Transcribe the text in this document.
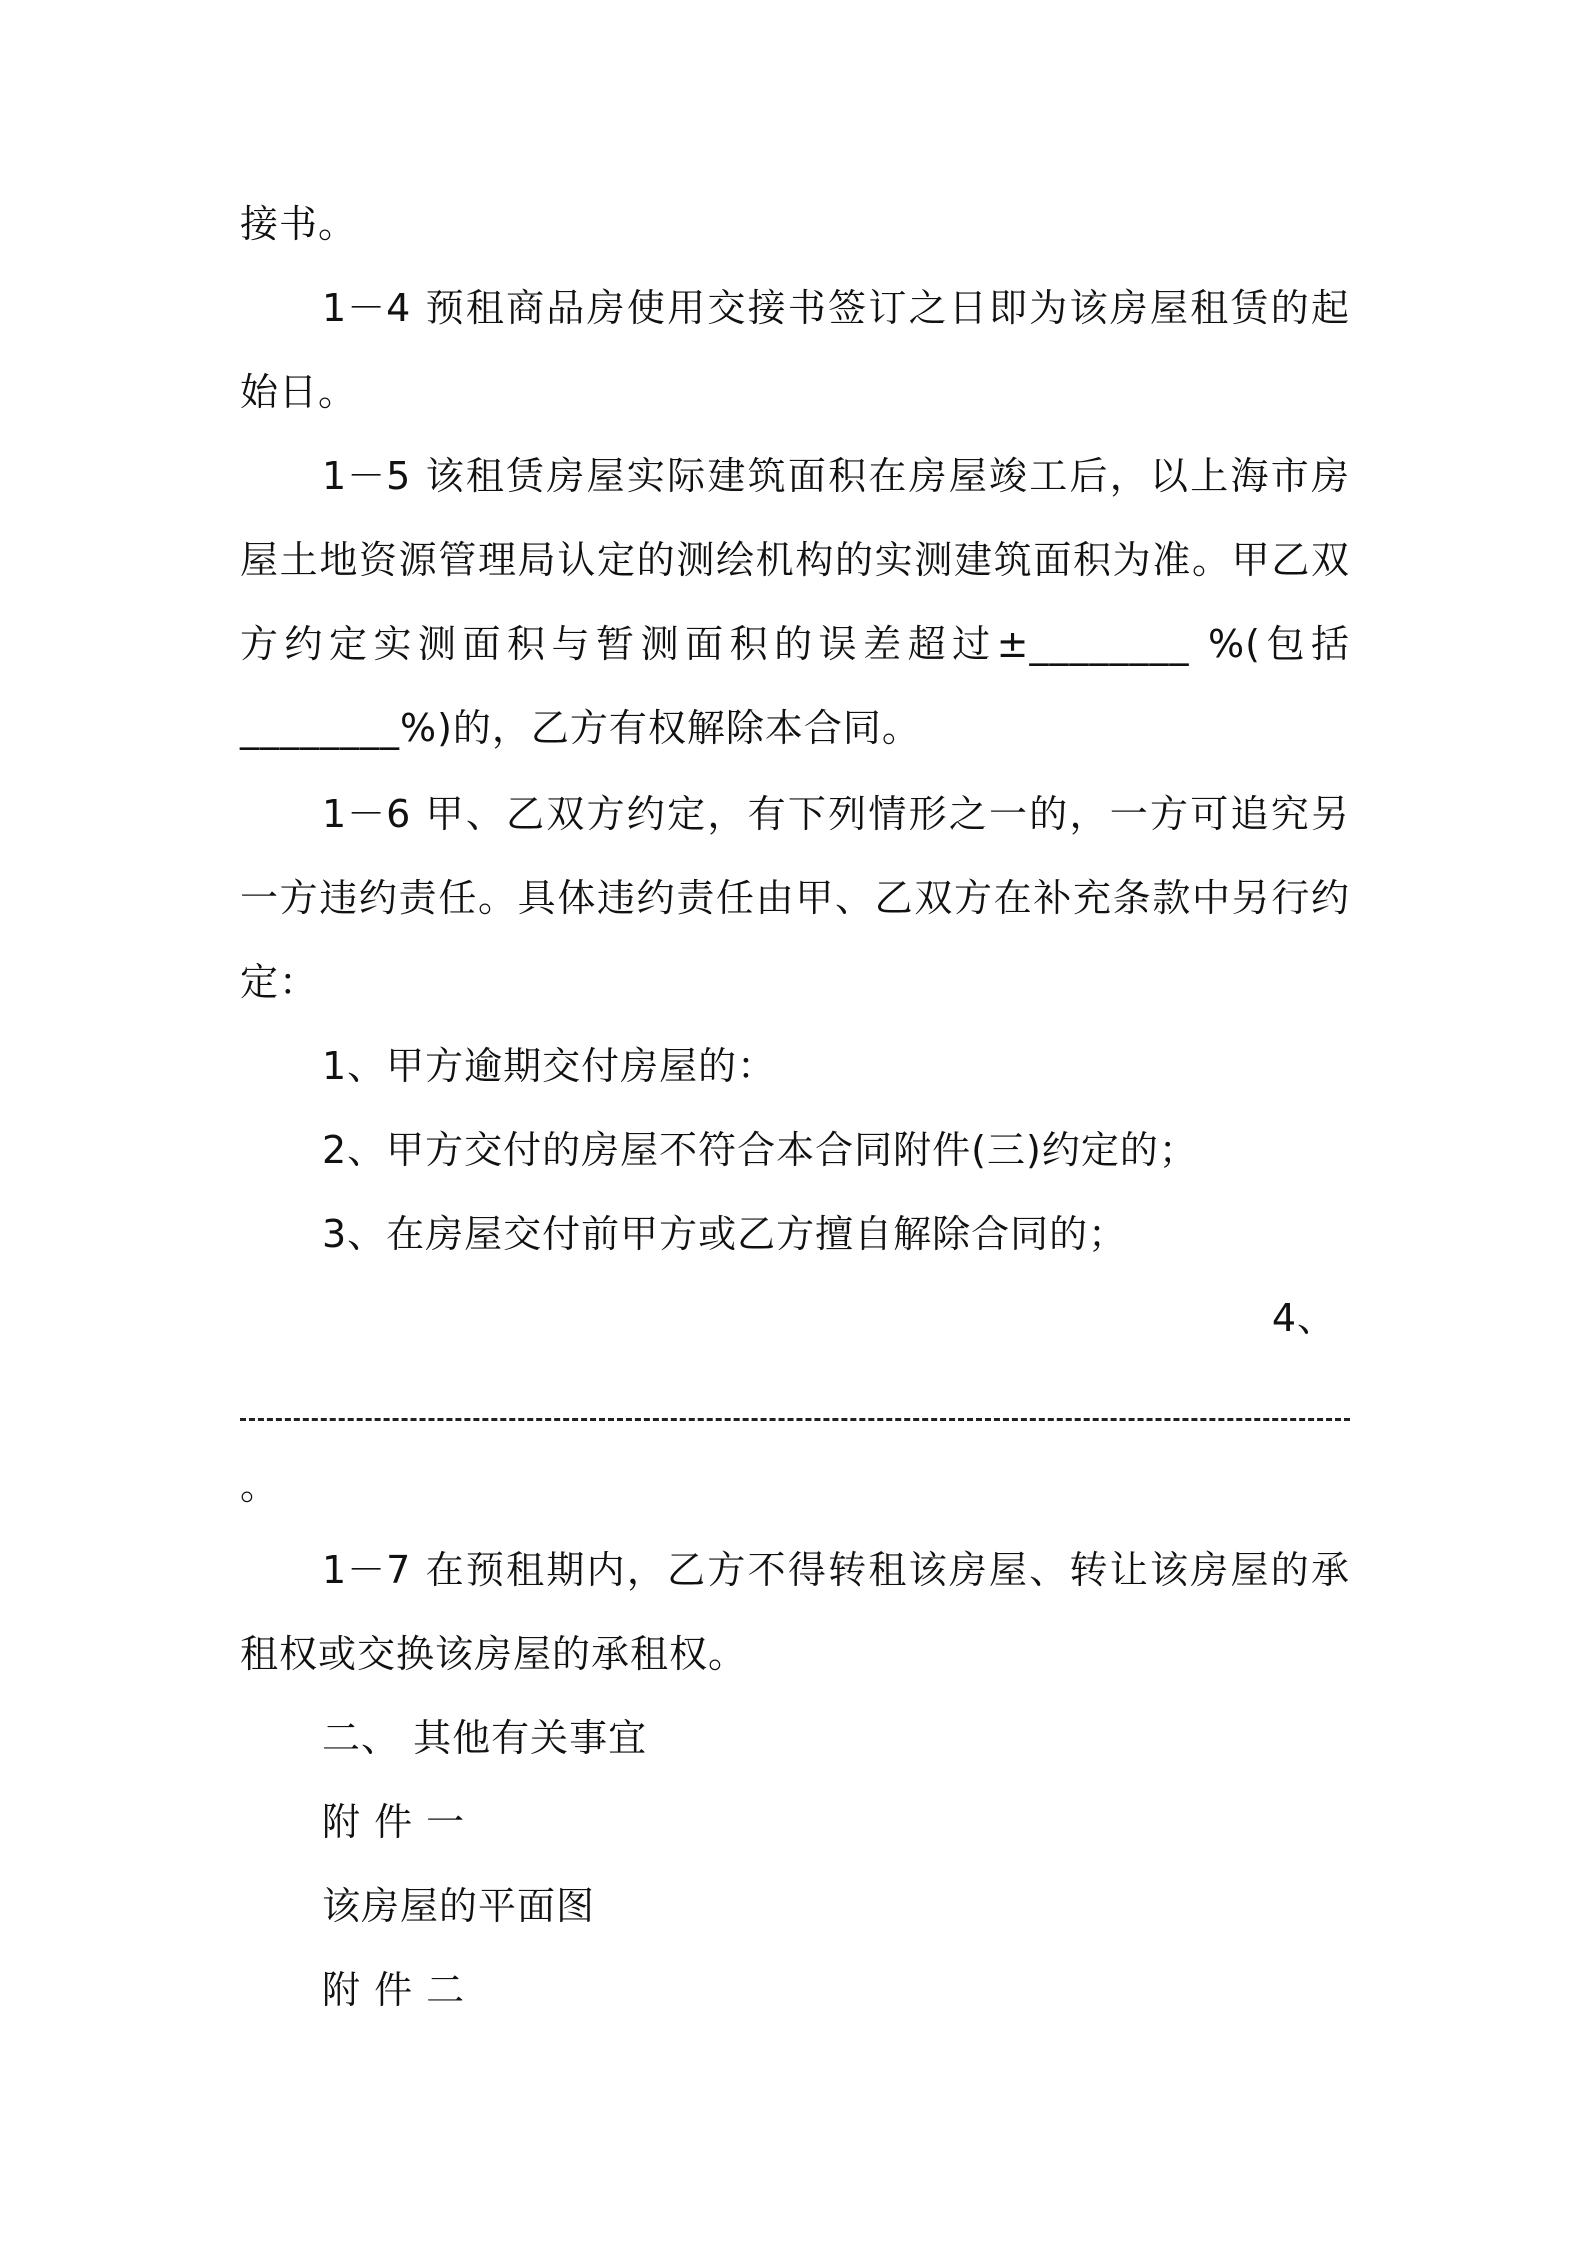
接书。
1－4 预租商品房使用交接书签订之日即为该房屋租赁的起
始日。
1－5 该租赁房屋实际建筑面积在房屋竣工后，以上海市房
屋土地资源管理局认定的测绘机构的实测建筑面积为准。甲乙双
方约定实测面积与暂测面积的误差超过±________ %(包括
________%)的，乙方有权解除本合同。
1－6 甲、乙双方约定，有下列情形之一的，一方可追究另
一方违约责任。具体违约责任由甲、乙双方在补充条款中另行约
定：
1、甲方逾期交付房屋的：
2、甲方交付的房屋不符合本合同附件(三)约定的；
3、在房屋交付前甲方或乙方擅自解除合同的；
4、
。
1－7 在预租期内，乙方不得转租该房屋、转让该房屋的承
租权或交换该房屋的承租权。
二、 其他有关事宜
附 件 一
该房屋的平面图
附 件 二
